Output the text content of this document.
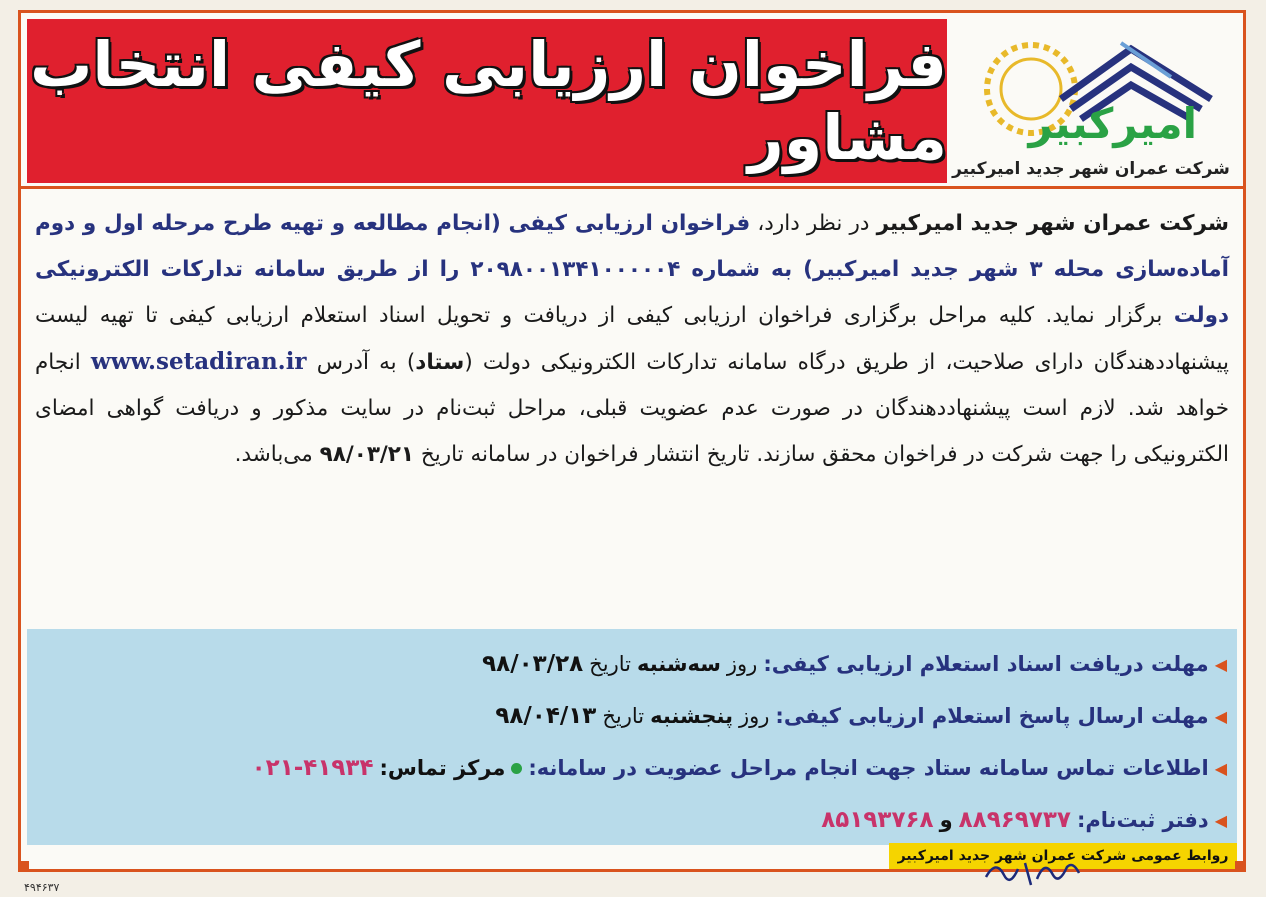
فراخوان ارزیابی کیفی انتخاب مشاور امیرکبیر
شرکت عمران شهر جدید امیرکبیر
شرکت عمران شهر جدید امیرکبیر در نظر دارد، فراخوان ارزیابی کیفی (انجام مطالعه و تهیه طرح مرحله اول و دوم آماده‌سازی محله ۳ شهر جدید امیرکبیر) به شماره ۲۰۹۸۰۰۱۳۴۱۰۰۰۰۰۴ را از طریق سامانه تدارکات الکترونیکی دولت برگزار نماید. کلیه مراحل برگزاری فراخوان ارزیابی کیفی از دریافت و تحویل اسناد استعلام ارزیابی کیفی تا تهیه لیست پیشنهاددهندگان دارای صلاحیت، از طریق درگاه سامانه تدارکات الکترونیکی دولت (ستاد) به آدرس www.setadiran.ir انجام خواهد شد. لازم است پیشنهاددهندگان در صورت عدم عضویت قبلی، مراحل ثبت‌نام در سایت مذکور و دریافت گواهی امضای الکترونیکی را جهت شرکت در فراخوان محقق سازند. تاریخ انتشار فراخوان در سامانه تاریخ ۹۸/۰۳/۲۱ می‌باشد.
◀
مهلت دریافت اسناد استعلام ارزیابی کیفی:
روز
سه‌شنبه
تاریخ
۹۸/۰۳/۲۸
◀
مهلت ارسال پاسخ استعلام ارزیابی کیفی:
روز
پنجشنبه
تاریخ
۹۸/۰۴/۱۳
◀
اطلاعات تماس سامانه ستاد جهت انجام مراحل عضویت در سامانه:
مرکز تماس:
۰۲۱-۴۱۹۳۴
◀
دفتر ثبت‌نام:
۸۸۹۶۹۷۳۷
و
۸۵۱۹۳۷۶۸
روابط عمومی شرکت عمران شهر جدید امیرکبیر
۴۹۴۶۳۷
